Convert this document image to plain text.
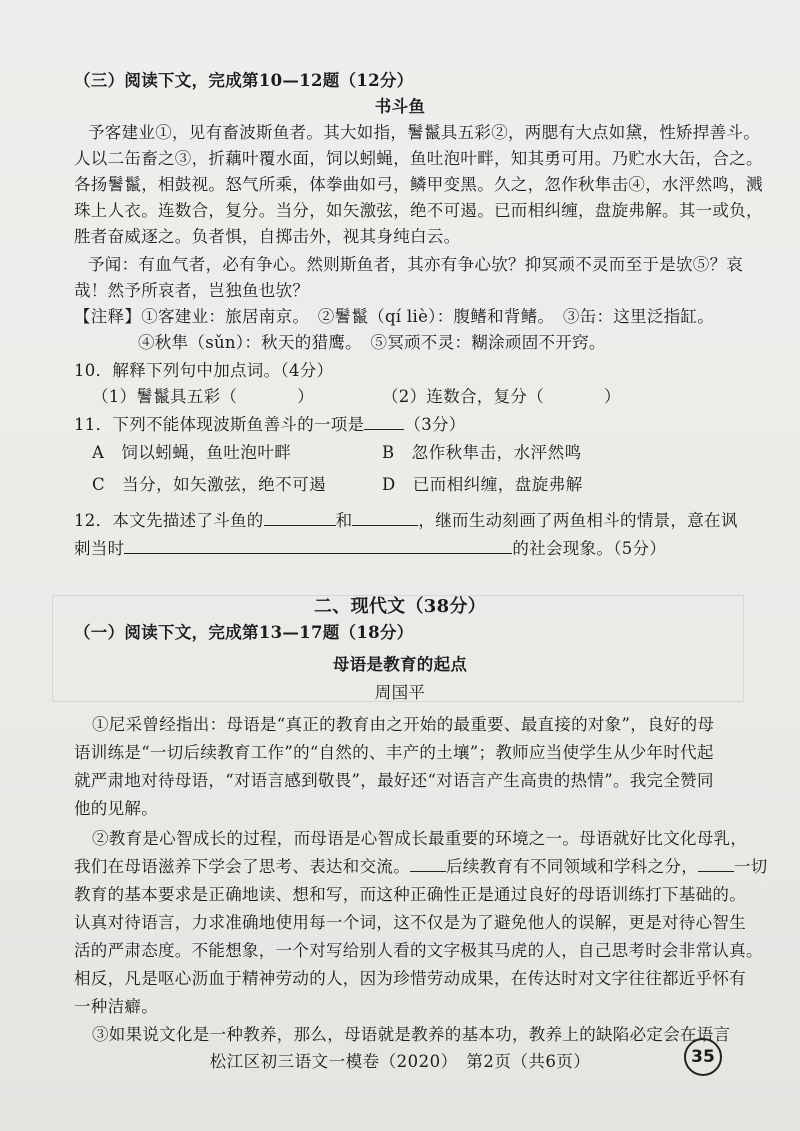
（三）阅读下文，完成第10—12题（12分）
书斗鱼
予客建业①，见有畜波斯鱼者。其大如指，鬐鬣具五彩②，两腮有大点如黛，性矫捍善斗。
人以二缶畜之③，折藕叶覆水面，饲以蚓蝇，鱼吐泡叶畔，知其勇可用。乃贮水大缶，合之。
各扬鬐鬣，相鼓视。怒气所乘，体拳曲如弓，鳞甲变黑。久之，忽作秋隼击④，水泙然鸣，溅
珠上人衣。连数合，复分。当分，如矢激弦，绝不可遏。已而相纠缠，盘旋弗解。其一或负，
胜者奋威逐之。负者惧，自掷击外，视其身纯白云。
予闻：有血气者，必有争心。然则斯鱼者，其亦有争心欤？抑冥顽不灵而至于是欤⑤？哀
哉！然予所哀者，岂独鱼也欤？
【注释】①客建业：旅居南京。　②鬐鬣（qí liè）：腹鳍和背鳍。　③缶：这里泛指缸。
④秋隼（sǔn）：秋天的猎鹰。　⑤冥顽不灵：糊涂顽固不开窍。
10．解释下列句中加点词。（4分）
（1）鬐鬣具五彩（	）	（2）连数合，复分（	）
11．下列不能体现波斯鱼善斗的一项是 （3分）
A　饲以蚓蝇，鱼吐泡叶畔	B　忽作秋隼击，水泙然鸣
C　当分，如矢激弦，绝不可遏	D　已而相纠缠，盘旋弗解
12．本文先描述了斗鱼的	和	，继而生动刻画了两鱼相斗的情景，意在讽
刺当时	的社会现象。（5分）
二、现代文（38分）
（一）阅读下文，完成第13—17题（18分）
母语是教育的起点
周国平
①尼采曾经指出：母语是“真正的教育由之开始的最重要、最直接的对象”，良好的母
语训练是“一切后续教育工作”的“自然的、丰产的土壤”；教师应当使学生从少年时代起
就严肃地对待母语，“对语言感到敬畏”，最好还“对语言产生高贵的热情”。我完全赞同
他的见解。
②教育是心智成长的过程，而母语是心智成长最重要的环境之一。母语就好比文化母乳，
我们在母语滋养下学会了思考、表达和交流。 后续教育有不同领域和学科之分， 一切
教育的基本要求是正确地读、想和写，而这种正确性正是通过良好的母语训练打下基础的。
认真对待语言，力求准确地使用每一个词，这不仅是为了避免他人的误解，更是对待心智生
活的严肃态度。不能想象，一个对写给别人看的文字极其马虎的人，自己思考时会非常认真。
相反，凡是呕心沥血于精神劳动的人，因为珍惜劳动成果，在传达时对文字往往都近乎怀有
一种洁癖。
③如果说文化是一种教养，那么，母语就是教养的基本功，教养上的缺陷必定会在语言
松江区初三语文一模卷（2020）　第2页（共6页）	35
